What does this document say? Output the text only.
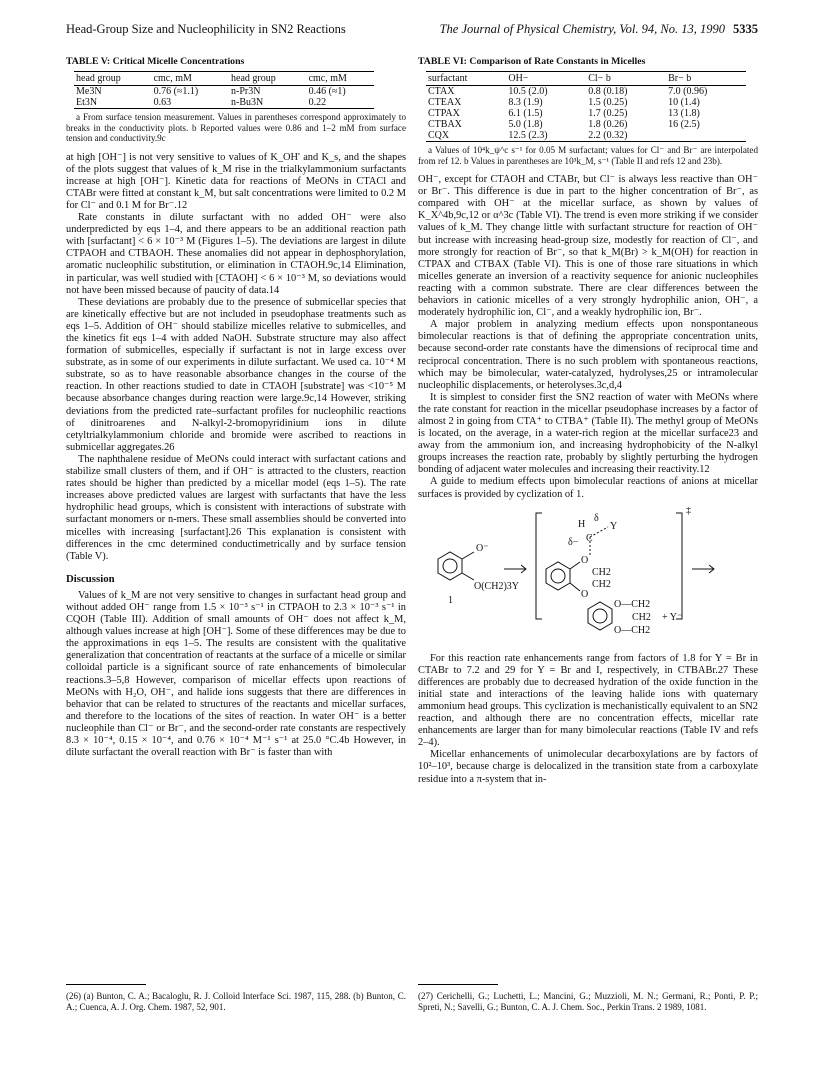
Head-Group Size and Nucleophilicity in SN2 Reactions	The Journal of Physical Chemistry, Vol. 94, No. 13, 1990 5335
TABLE V: Critical Micelle Concentrations
head group	cmc, mM	head group	cmc, mM
Me3N	0.76 (≈1.1)	n-Pr3N	0.46 (≈1)
Et3N	0.63	n-Bu3N	0.22
a From surface tension measurement. Values in parentheses correspond approximately to breaks in the conductivity plots. b Reported values were 0.86 and 1–2 mM from surface tension and conductivity.9c

at high [OH⁻] is not very sensitive to values of K_OH' and K_s, and the shapes of the plots suggest that values of k_M rise in the trialkylammonium surfactants increase at high [OH⁻]. Kinetic data for reactions of MeONs in CTACl and CTABr were fitted at constant k_M, but salt concentrations were limited to 0.2 M for Cl⁻ and 0.1 M for Br⁻.12

Rate constants in dilute surfactant with no added OH⁻ were also underpredicted by eqs 1–4, and there appears to be an additional reaction path with [surfactant] < 6 × 10⁻³ M (Figures 1–5). The deviations are largest in dilute CTPAOH and CTBAOH. These anomalies did not appear in dephosphorylation, aromatic nucleophilic substitution, or elimination in CTAOH.9c,14 Elimination, in particular, was well studied with [CTAOH] < 6 × 10⁻³ M, so deviations would not have been missed because of paucity of data.14

These deviations are probably due to the presence of submicellar species that are kinetically effective but are not included in pseudophase treatments such as eqs 1–5. Addition of OH⁻ should stabilize micelles relative to submicelles, and the kinetics fit eqs 1–4 with added NaOH. Substrate structure may also affect formation of submicelles, especially if surfactant is not in large excess over substrate, as in some of our experiments in dilute surfactant. We used ca. 10⁻⁴ M substrate, so as to have reasonable absorbance changes in the course of the reaction. In other reactions studied to date in CTAOH [substrate] was <10⁻⁵ M because absorbance changes during reaction were large.9c,14 However, striking deviations from the predicted rate–surfactant profiles for nucleophilic reactions of dinitroarenes and N-alkyl-2-bromopyridinium ions in dilute cetyltrialkylammonium chloride and bromide were ascribed to reactions in submicellar aggregates.26

The naphthalene residue of MeONs could interact with surfactant cations and stabilize small clusters of them, and if OH⁻ is attracted to the clusters, reaction rates should be higher than predicted by a micellar model (eqs 1–5). The rate increases above predicted values are largest with surfactants that have the less hydrophilic head groups, which is consistent with interactions of substrate with surfactant monomers or n-mers. These small assemblies should be converted into micelles with increasing [surfactant].26 This explanation is consistent with differences in the cmc determined conductimetrically and by surface tension (Table V).

Discussion

Values of k_M are not very sensitive to changes in surfactant head group and without added OH⁻ range from 1.5 × 10⁻³ s⁻¹ in CTPAOH to 2.3 × 10⁻³ s⁻¹ in CQOH (Table III). Addition of small amounts of OH⁻ does not affect k_M, although values increase at high [OH⁻]. Some of these differences may be due to the approximations in eqs 1–5. The results are consistent with the qualitative generalization that concentration of reactants at the surface of a micelle or similar colloidal particle is a significant source of rate enhancements of bimolecular reactions.3–5,8 However, comparison of micellar effects upon reactions of MeONs with H₂O, OH⁻, and halide ions suggests that there are differences in behavior that can be related to structures of the reactants and micellar surfaces, and therefore to the locations of the sites of reaction. In water OH⁻ is a better nucleophile than Cl⁻ or Br⁻, and the second-order rate constants are respectively 8.3 × 10⁻⁴, 0.15 × 10⁻⁴, and 0.76 × 10⁻⁴ M⁻¹ s⁻¹ at 25.0 °C.4b However, in dilute surfactant the overall reaction with Br⁻ is faster than with

TABLE VI: Comparison of Rate Constants in Micelles
surfactant	OH−	Cl− b	Br− b
CTAX	10.5 (2.0)	0.8 (0.18)	7.0 (0.96)
CTEAX	8.3 (1.9)	1.5 (0.25)	10 (1.4)
CTPAX	6.1 (1.5)	1.7 (0.25)	13 (1.8)
CTBAX	5.0 (1.8)	1.8 (0.26)	16 (2.5)
CQX	12.5 (2.3)	2.2 (0.32)	
a Values of 10⁴k_ψ^c s⁻¹ for 0.05 M surfactant; values for Cl⁻ and Br⁻ are interpolated from ref 12. b Values in parentheses are 10³k_M, s⁻¹ (Table II and refs 12 and 23b).

OH⁻, except for CTAOH and CTABr, but Cl⁻ is always less reactive than OH⁻ or Br⁻. This difference is due in part to the higher concentration of Br⁻, as compared with OH⁻ at the micellar surface, as shown by values of K_X^4b,9c,12 or α^3c (Table VI). The trend is even more striking if we consider values of k_M. They change little with surfactant structure for reaction of OH⁻ but increase with increasing head-group size, modestly for reaction of Cl⁻, and more strongly for reaction of Br⁻, so that k_M(Br) > k_M(OH) for reaction in CTPAX and CTBAX (Table VI). This is one of those rare situations in which micelles generate an inversion of a reactivity sequence for anionic nucleophiles reacting with a common substrate. There are clear differences between the behaviors in cationic micelles of a very strongly hydrophilic anion, OH⁻, a moderately hydrophilic ion, Cl⁻, and a weakly hydrophilic ion, Br⁻.

A major problem in analyzing medium effects upon nonspontaneous bimolecular reactions is that of defining the appropriate concentration units, because second-order rate constants have the dimensions of reciprocal time and reciprocal concentration. There is no such problem with spontaneous reactions, which may be bimolecular, water-catalyzed, hydrolyses,25 or intramolecular nucleophilic displacements, or heterolyses.3c,d,4

It is simplest to consider first the SN2 reaction of water with MeONs where the rate constant for reaction in the micellar pseudophase increases by a factor of almost 2 in going from CTA⁺ to CTBA⁺ (Table II). The methyl group of MeONs is located, on the average, in a water-rich region at the micellar surface23 and away from the ammonium ion, and increasing hydrophobicity of the N-alkyl groups increases the reaction rate, probably by slightly perturbing the hydrogen bonding of adjacent water molecules and increasing their reactivity.12

A guide to medium effects upon bimolecular reactions of anions at micellar surfaces is provided by cyclization of 1.

O⁻
O(CH2)3Y
1
‡
H
δ
Y
δ− C
O
CH2
CH2
O
O—CH2
CH2
O—CH2
+ Y⁻

For this reaction rate enhancements range from factors of 1.8 for Y = Br in CTABr to 7.2 and 29 for Y = Br and I, respectively, in CTBABr.27 These differences are probably due to decreased hydration of the oxide function in the initial state and interactions of the leaving halide ions with quaternary ammonium head groups. This cyclization is mechanistically equivalent to an SN2 reaction, and although there are no concentration effects, micellar rate enhancements are larger than for many bimolecular reactions (Table IV and refs 2–4).

Micellar enhancements of unimolecular decarboxylations are by factors of 10²–10³, because charge is delocalized in the transition state from a carboxylate residue into a π-system that in-

(26) (a) Bunton, C. A.; Bacaloglu, R. J. Colloid Interface Sci. 1987, 115, 288. (b) Bunton, C. A.; Cuenca, A. J. Org. Chem. 1987, 52, 901.
(27) Cerichelli, G.; Luchetti, L.; Mancini, G.; Muzzioli, M. N.; Germani, R.; Ponti, P. P.; Spreti, N.; Savelli, G.; Bunton, C. A. J. Chem. Soc., Perkin Trans. 2 1989, 1081.
